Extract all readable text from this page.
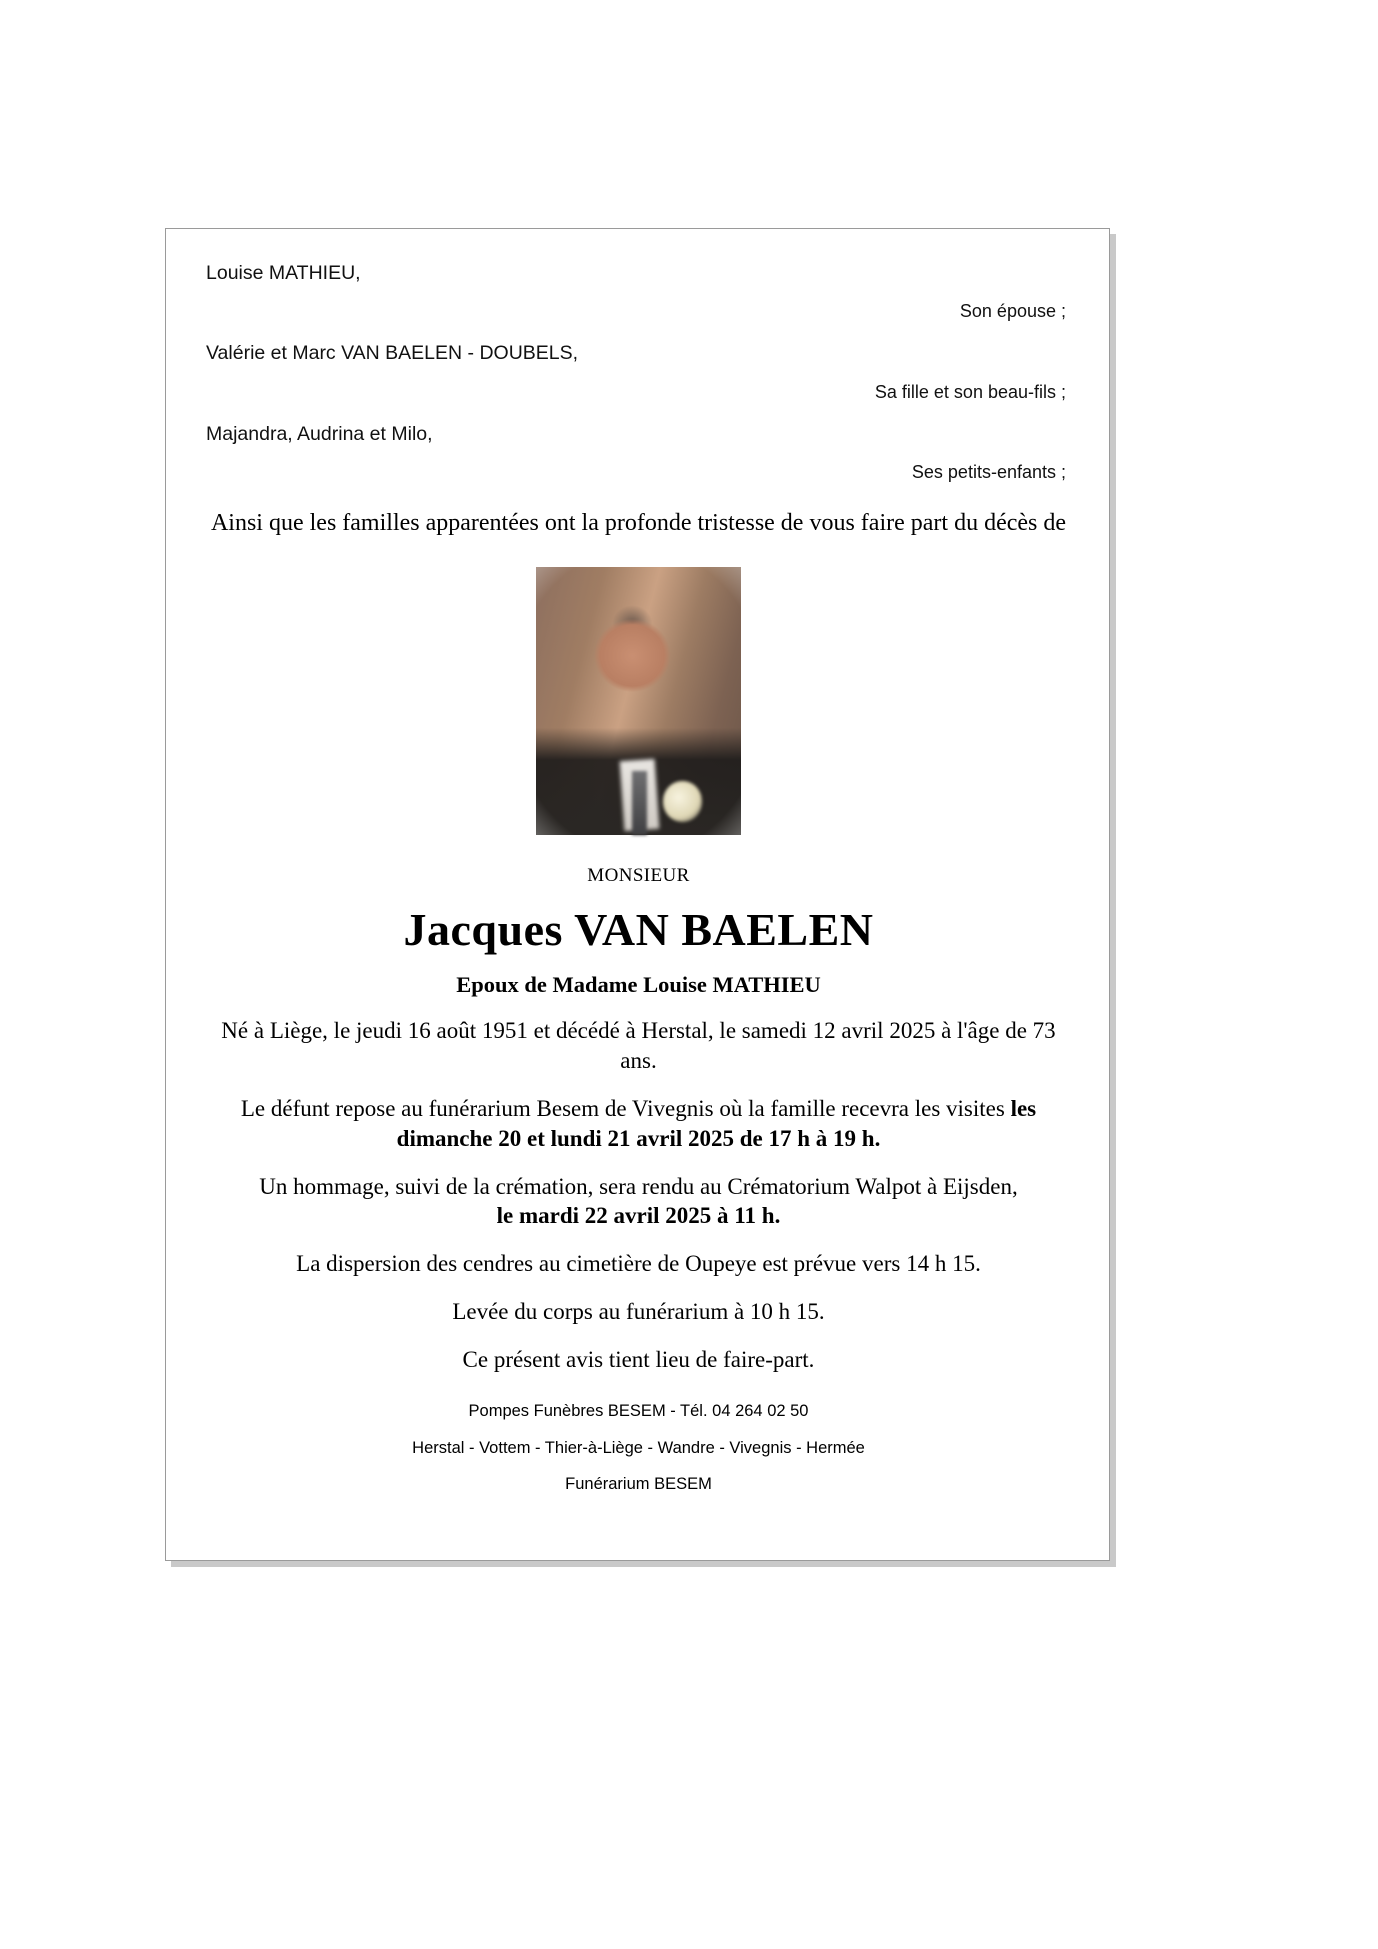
Louise MATHIEU,
Son épouse ;
Valérie et Marc VAN BAELEN - DOUBELS,
Sa fille et son beau-fils ;
Majandra, Audrina et Milo,
Ses petits-enfants ;
Ainsi que les familles apparentées ont la profonde tristesse de vous faire part du décès de
MONSIEUR
Jacques VAN BAELEN
Epoux de Madame Louise MATHIEU
Né à Liège, le jeudi 16 août 1951 et décédé à Herstal, le samedi 12 avril 2025 à l'âge de 73 ans.
Le défunt repose au funérarium Besem de Vivegnis où la famille recevra les visites les dimanche 20 et lundi 21 avril 2025 de 17 h à 19 h.
Un hommage, suivi de la crémation, sera rendu au Crématorium Walpot à Eijsden,
le mardi 22 avril 2025 à 11 h.
La dispersion des cendres au cimetière de Oupeye est prévue vers 14 h 15.
Levée du corps au funérarium à 10 h 15.
Ce présent avis tient lieu de faire-part.
Pompes Funèbres BESEM - Tél. 04 264 02 50
Herstal - Vottem - Thier-à-Liège - Wandre - Vivegnis - Hermée
Funérarium BESEM
